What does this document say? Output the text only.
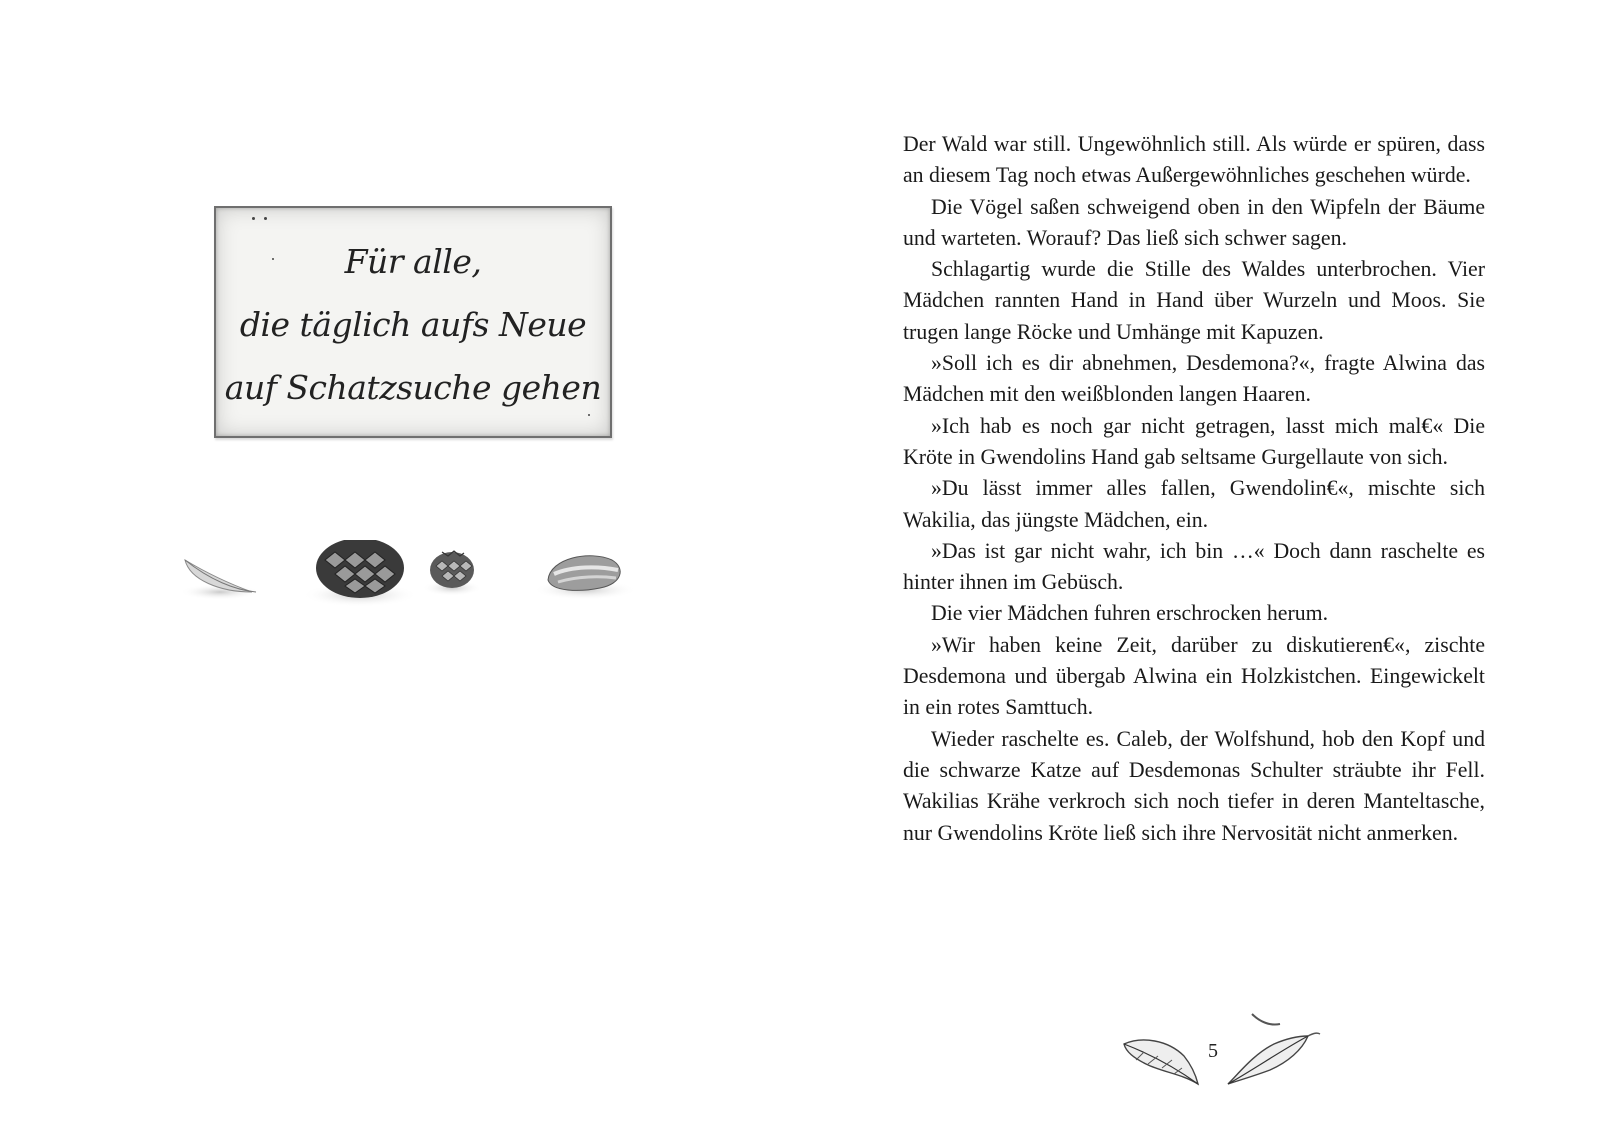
Für alle,
die täglich aufs Neue
auf Schatzsuche gehen

Der Wald war still. Ungewöhnlich still. Als würde er spüren, dass an diesem Tag noch etwas Außergewöhnliches geschehen würde.

Die Vögel saßen schweigend oben in den Wipfeln der Bäume und warteten. Worauf? Das ließ sich schwer sagen.

Schlagartig wurde die Stille des Waldes unterbrochen. Vier Mädchen rannten Hand in Hand über Wurzeln und Moos. Sie trugen lange Röcke und Umhänge mit Kapuzen.

»Soll ich es dir abnehmen, Desdemona?«, fragte Alwina das Mädchen mit den weißblonden langen Haaren.

»Ich hab es noch gar nicht getragen, lasst mich mal€« Die Kröte in Gwendolins Hand gab seltsame Gurgellaute von sich.

»Du lässt immer alles fallen, Gwendolin€«, mischte sich Wakilia, das jüngste Mädchen, ein.

»Das ist gar nicht wahr, ich bin …« Doch dann raschelte es hinter ihnen im Gebüsch.

Die vier Mädchen fuhren erschrocken herum.

»Wir haben keine Zeit, darüber zu diskutieren€«, zischte Desdemona und übergab Alwina ein Holzkistchen. Eingewickelt in ein rotes Samttuch.

Wieder raschelte es. Caleb, der Wolfshund, hob den Kopf und die schwarze Katze auf Desdemonas Schulter sträubte ihr Fell. Wakilias Krähe verkroch sich noch tiefer in deren Manteltasche, nur Gwendolins Kröte ließ sich ihre Nervosität nicht anmerken.

5
